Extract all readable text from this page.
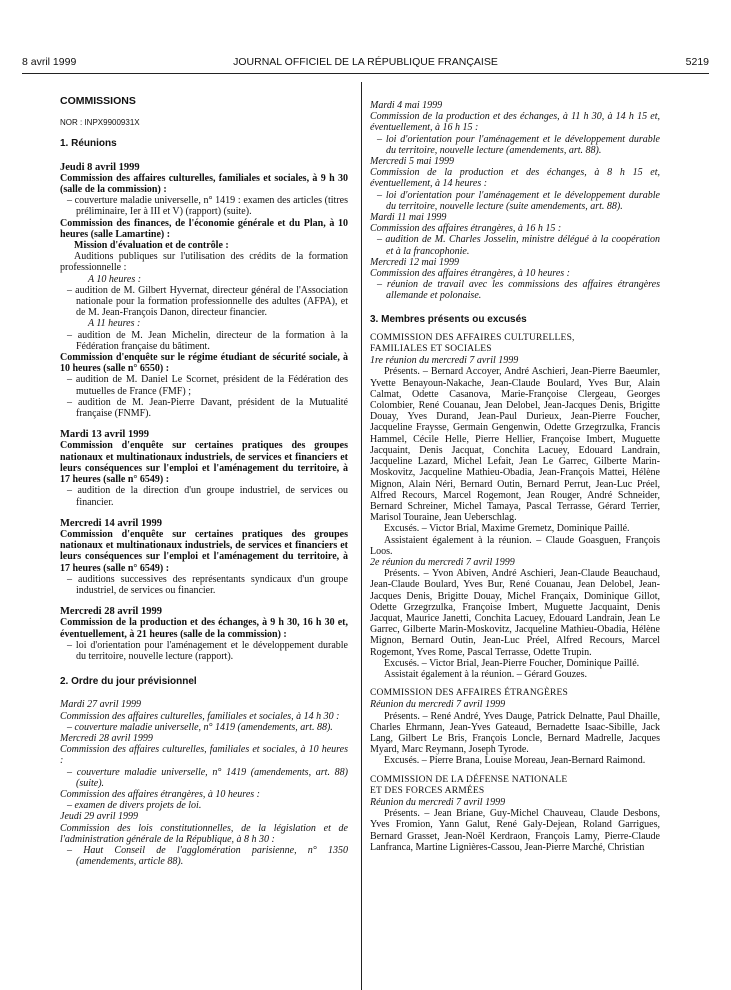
8 avril 1999	JOURNAL OFFICIEL DE LA RÉPUBLIQUE FRANÇAISE	5219

COMMISSIONS

NOR : INPX9900931X

1. Réunions

Jeudi 8 avril 1999

Commission des affaires culturelles, familiales et sociales, à 9 h 30 (salle de la commission) :

– couverture maladie universelle, n° 1419 : examen des articles (titres préliminaire, Ier à III et V) (rapport) (suite).

Commission des finances, de l'économie générale et du Plan, à 10 heures (salle Lamartine) :

Mission d'évaluation et de contrôle :

Auditions publiques sur l'utilisation des crédits de la formation professionnelle :

A 10 heures :

– audition de M. Gilbert Hyvernat, directeur général de l'Association nationale pour la formation professionnelle des adultes (AFPA), et de M. Jean-François Danon, directeur financier.

A 11 heures :

– audition de M. Jean Michelin, directeur de la formation à la Fédération française du bâtiment.

Commission d'enquête sur le régime étudiant de sécurité sociale, à 10 heures (salle n° 6550) :

– audition de M. Daniel Le Scornet, président de la Fédération des mutuelles de France (FMF) ;

– audition de M. Jean-Pierre Davant, président de la Mutualité française (FNMF).

Mardi 13 avril 1999

Commission d'enquête sur certaines pratiques des groupes nationaux et multinationaux industriels, de services et financiers et leurs conséquences sur l'emploi et l'aménagement du territoire, à 17 heures (salle n° 6549) :

– audition de la direction d'un groupe industriel, de services ou financier.

Mercredi 14 avril 1999

Commission d'enquête sur certaines pratiques des groupes nationaux et multinationaux industriels, de services et financiers et leurs conséquences sur l'emploi et l'aménagement du territoire, à 17 heures (salle n° 6549) :

– auditions successives des représentants syndicaux d'un groupe industriel, de services ou financier.

Mercredi 28 avril 1999

Commission de la production et des échanges, à 9 h 30, 16 h 30 et, éventuellement, à 21 heures (salle de la commission) :

– loi d'orientation pour l'aménagement et le développement durable du territoire, nouvelle lecture (rapport).

2. Ordre du jour prévisionnel

Mardi 27 avril 1999

Commission des affaires culturelles, familiales et sociales, à 14 h 30 :

– couverture maladie universelle, n° 1419 (amendements, art. 88).

Mercredi 28 avril 1999

Commission des affaires culturelles, familiales et sociales, à 10 heures :

– couverture maladie universelle, n° 1419 (amendements, art. 88) (suite).

Commission des affaires étrangères, à 10 heures :

– examen de divers projets de loi.

Jeudi 29 avril 1999

Commission des lois constitutionnelles, de la législation et de l'administration générale de la République, à 8 h 30 :

– Haut Conseil de l'agglomération parisienne, n° 1350 (amendements, article 88).

Mardi 4 mai 1999

Commission de la production et des échanges, à 11 h 30, à 14 h 15 et, éventuellement, à 16 h 15 :

– loi d'orientation pour l'aménagement et le développement durable du territoire, nouvelle lecture (amendements, art. 88).

Mercredi 5 mai 1999

Commission de la production et des échanges, à 8 h 15 et, éventuellement, à 14 heures :

– loi d'orientation pour l'aménagement et le développement durable du territoire, nouvelle lecture (suite amendements, art. 88).

Mardi 11 mai 1999

Commission des affaires étrangères, à 16 h 15 :

– audition de M. Charles Josselin, ministre délégué à la coopération et à la francophonie.

Mercredi 12 mai 1999

Commission des affaires étrangères, à 10 heures :

– réunion de travail avec les commissions des affaires étrangères allemande et polonaise.

3. Membres présents ou excusés

COMMISSION DES AFFAIRES CULTURELLES,

FAMILIALES ET SOCIALES

1re réunion du mercredi 7 avril 1999

Présents. – Bernard Accoyer, André Aschieri, Jean-Pierre Baeumler, Yvette Benayoun-Nakache, Jean-Claude Boulard, Yves Bur, Alain Calmat, Odette Casanova, Marie-Françoise Clergeau, Georges Colombier, René Couanau, Jean Delobel, Jean-Jacques Denis, Brigitte Douay, Yves Durand, Jean-Paul Durieux, Jean-Pierre Foucher, Jacqueline Fraysse, Germain Gengenwin, Odette Grzegrzulka, Francis Hammel, Cécile Helle, Pierre Hellier, Françoise Imbert, Muguette Jacquaint, Denis Jacquat, Conchita Lacuey, Edouard Landrain, Jacqueline Lazard, Michel Lefait, Jean Le Garrec, Gilberte Marin-Moskovitz, Jacqueline Mathieu-Obadia, Jean-François Mattei, Hélène Mignon, Alain Néri, Bernard Outin, Bernard Perrut, Jean-Luc Préel, Alfred Recours, Marcel Rogemont, Jean Rouger, André Schneider, Bernard Schreiner, Michel Tamaya, Pascal Terrasse, Gérard Terrier, Marisol Touraine, Jean Ueberschlag.

Excusés. – Victor Brial, Maxime Gremetz, Dominique Paillé.

Assistaient également à la réunion. – Claude Goasguen, François Loos.

2e réunion du mercredi 7 avril 1999

Présents. – Yvon Abiven, André Aschieri, Jean-Claude Beauchaud, Jean-Claude Boulard, Yves Bur, René Couanau, Jean Delobel, Jean-Jacques Denis, Brigitte Douay, Michel Françaix, Dominique Gillot, Odette Grzegrzulka, Françoise Imbert, Muguette Jacquaint, Denis Jacquat, Maurice Janetti, Conchita Lacuey, Edouard Landrain, Jean Le Garrec, Gilberte Marin-Moskovitz, Jacqueline Mathieu-Obadia, Hélène Mignon, Bernard Outin, Jean-Luc Préel, Alfred Recours, Marcel Rogemont, Yves Rome, Pascal Terrasse, Odette Trupin.

Excusés. – Victor Brial, Jean-Pierre Foucher, Dominique Paillé.

Assistait également à la réunion. – Gérard Gouzes.

COMMISSION DES AFFAIRES ÉTRANGÈRES

Réunion du mercredi 7 avril 1999

Présents. – René André, Yves Dauge, Patrick Delnatte, Paul Dhaille, Charles Ehrmann, Jean-Yves Gateaud, Bernadette Isaac-Sibille, Jack Lang, Gilbert Le Bris, François Loncle, Bernard Madrelle, Jacques Myard, Marc Reymann, Joseph Tyrode.

Excusés. – Pierre Brana, Louise Moreau, Jean-Bernard Raimond.

COMMISSION DE LA DÉFENSE NATIONALE

ET DES FORCES ARMÉES

Réunion du mercredi 7 avril 1999

Présents. – Jean Briane, Guy-Michel Chauveau, Claude Desbons, Yves Fromion, Yann Galut, René Galy-Dejean, Roland Garrigues, Bernard Grasset, Jean-Noël Kerdraon, François Lamy, Pierre-Claude Lanfranca, Martine Lignières-Cassou, Jean-Pierre Marché, Christian
